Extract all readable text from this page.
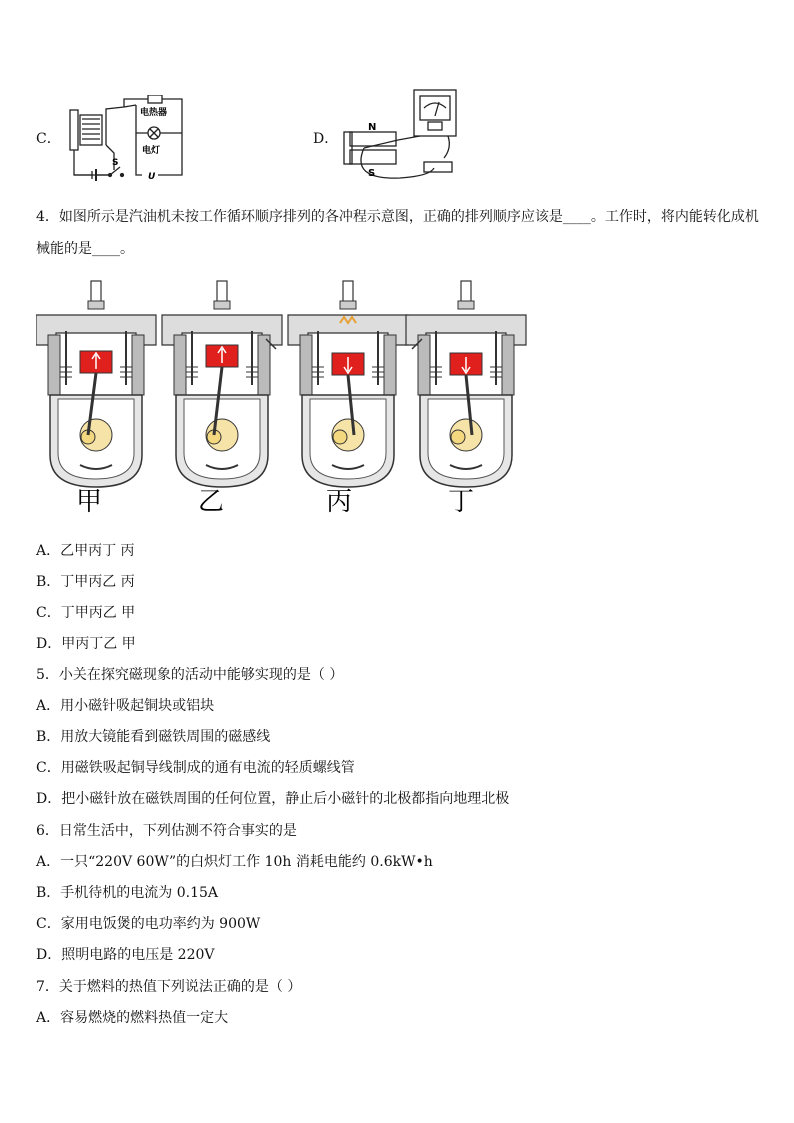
C．
电热器
电灯
S
U
D．
N
S
4．如图所示是汽油机未按工作循环顺序排列的各冲程示意图，正确的排列顺序应该是____。工作时，将内能转化成机
械能的是____。
甲	乙	丙	丁
A．乙甲丙丁 丙
B．丁甲丙乙 丙
C．丁甲丙乙 甲
D．甲丙丁乙 甲
5．小关在探究磁现象的活动中能够实现的是（ ）
A．用小磁针吸起铜块或铝块
B．用放大镜能看到磁铁周围的磁感线
C．用磁铁吸起铜导线制成的通有电流的轻质螺线管
D．把小磁针放在磁铁周围的任何位置，静止后小磁针的北极都指向地理北极
6．日常生活中，下列估测不符合事实的是
A．一只“220V 60W”的白炽灯工作 10h 消耗电能约 0.6kW•h
B．手机待机的电流为 0.15A
C．家用电饭煲的电功率约为 900W
D．照明电路的电压是 220V
7．关于燃料的热值下列说法正确的是（ ）
A．容易燃烧的燃料热值一定大
